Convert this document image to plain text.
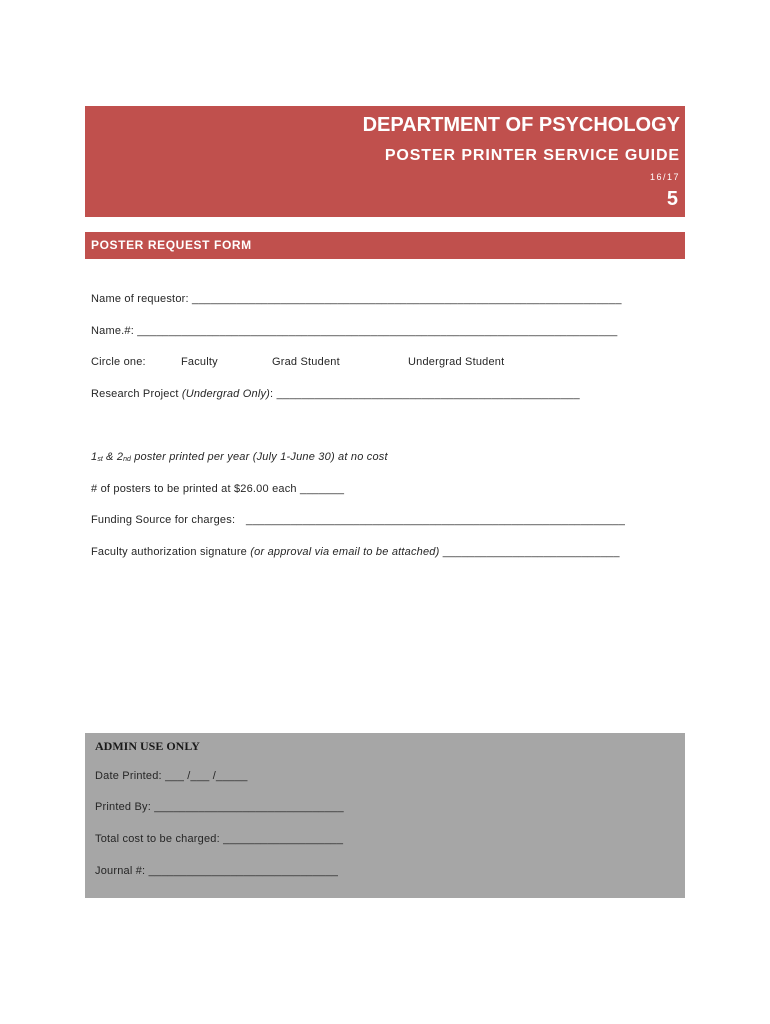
DEPARTMENT OF PSYCHOLOGY
POSTER PRINTER SERVICE GUIDE
16/17
5
POSTER REQUEST FORM
Name of requestor: ____________________________________________________________________
Name.#: ____________________________________________________________________________
Circle one:	Faculty	Grad Student	Undergrad Student
Research Project (Undergrad Only): ________________________________________________
1st & 2nd poster printed per year (July 1-June 30) at no cost
# of posters to be printed at $26.00 each _______
Funding Source for charges: ____________________________________________________________
Faculty authorization signature (or approval via email to be attached) ____________________________
ADMIN USE ONLY
Date Printed: ___ /___ /_____
Printed By: ______________________________
Total cost to be charged: ___________________
Journal #: ______________________________
